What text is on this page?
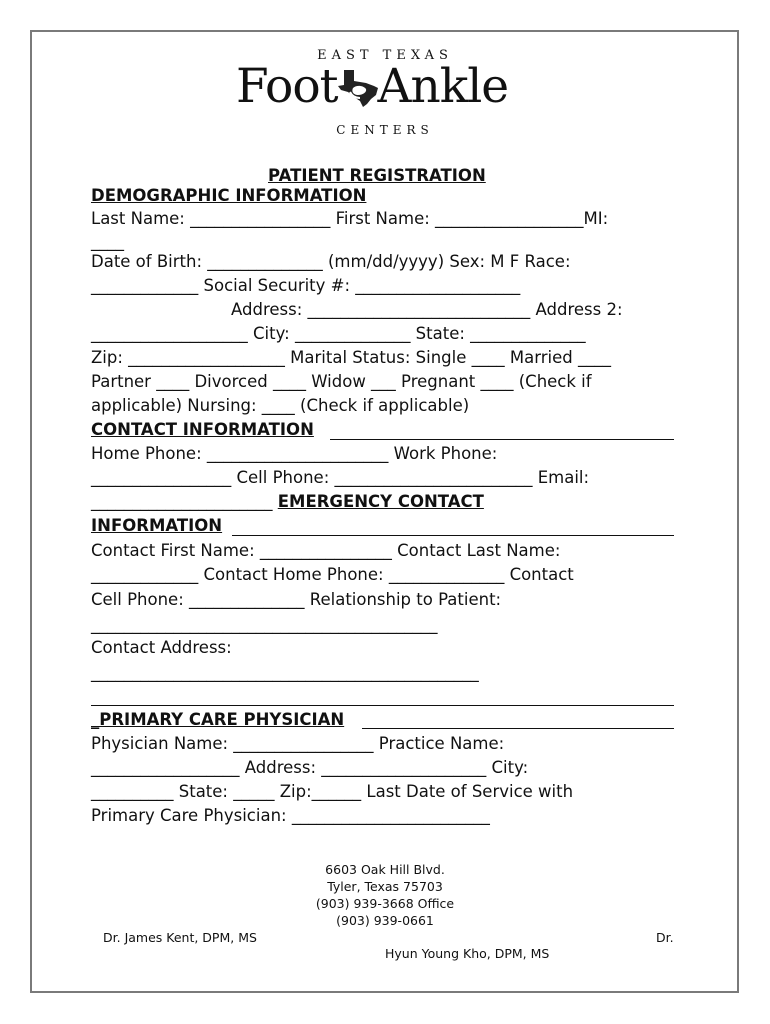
EAST TEXAS
Foot Ankle
CENTERS
PATIENT REGISTRATION
DEMOGRAPHIC INFORMATION
Last Name: _________________ First Name: __________________MI:
____
Date of Birth: ______________ (mm/dd/yyyy) Sex: M F Race:
_____________ Social Security #: ____________________
Address: ___________________________ Address 2:
___________________ City: ______________ State: ______________
Zip: ___________________ Marital Status: Single ____ Married ____
Partner ____ Divorced ____ Widow ___ Pregnant ____ (Check if
applicable) Nursing: ____ (Check if applicable)
CONTACT INFORMATION
Home Phone: ______________________ Work Phone:
_________________ Cell Phone: ________________________ Email:
______________________ EMERGENCY CONTACT
INFORMATION
Contact First Name: ________________ Contact Last Name:
_____________ Contact Home Phone: ______________ Contact
Cell Phone: ______________ Relationship to Patient:
__________________________________________
Contact Address:
_______________________________________________
_PRIMARY CARE PHYSICIAN
Physician Name: _________________ Practice Name:
__________________ Address: ____________________ City:
__________ State: _____ Zip:______ Last Date of Service with
Primary Care Physician: ________________________
6603 Oak Hill Blvd.
Tyler, Texas 75703
(903) 939-3668 Office
(903) 939-0661
Dr. James Kent, DPM, MS	Dr.
Hyun Young Kho, DPM, MS
